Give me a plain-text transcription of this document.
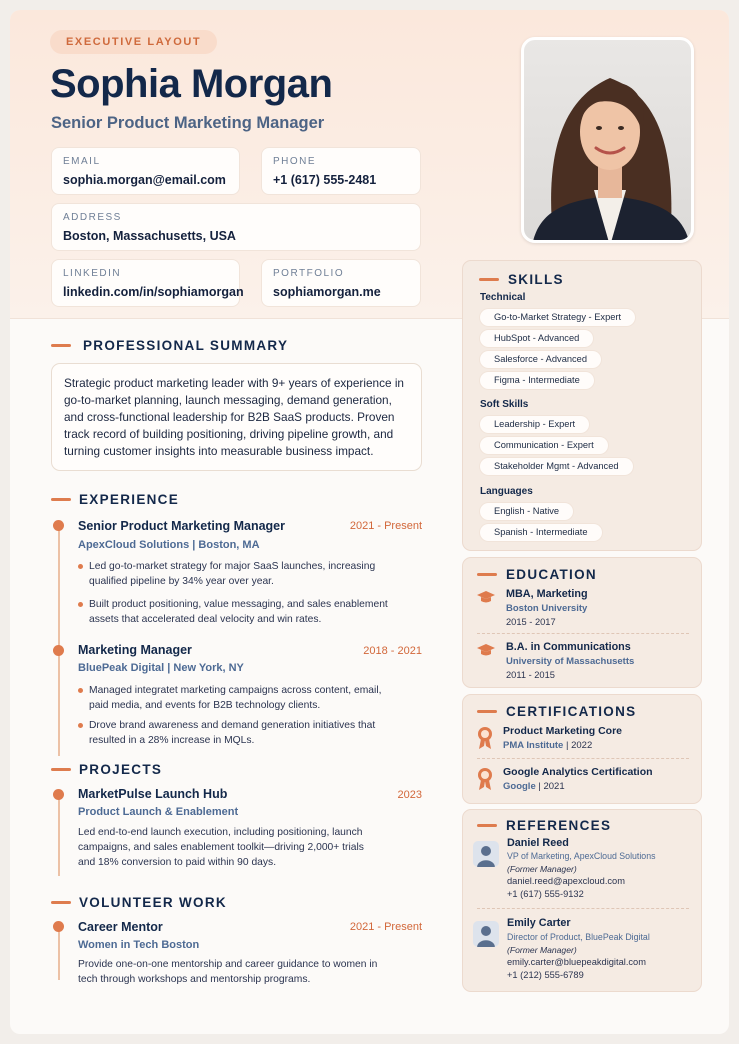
EXECUTIVE LAYOUT
Sophia Morgan
Senior Product Marketing Manager
EMAIL
sophia.morgan@email.com
PHONE
+1 (617) 555-2481
ADDRESS
Boston, Massachusetts, USA
LINKEDIN
linkedin.com/in/sophiamorgan
PORTFOLIO
sophiamorgan.me
PROFESSIONAL SUMMARY
Strategic product marketing leader with 9+ years of experience in go-to-market planning, launch messaging, demand generation, and cross-functional leadership for B2B SaaS products. Proven track record of building positioning, driving pipeline growth, and turning customer insights into measurable business impact.
EXPERIENCE
Senior Product Marketing Manager	2021 - Present
ApexCloud Solutions | Boston, MA
Led go-to-market strategy for major SaaS launches, increasing qualified pipeline by 34% year over year.
Built product positioning, value messaging, and sales enablement assets that accelerated deal velocity and win rates.
Marketing Manager	2018 - 2021
BluePeak Digital | New York, NY
Managed integratet marketing campaigns across content, email, paid media, and events for B2B technology clients.
Drove brand awareness and demand generation initiatives that resulted in a 28% increase in MQLs.
PROJECTS
MarketPulse Launch Hub	2023
Product Launch & Enablement
Led end-to-end launch execution, including positioning, launch campaigns, and sales enablement toolkit—driving 2,000+ trials and 18% conversion to paid within 90 days.
VOLUNTEER WORK
Career Mentor	2021 - Present
Women in Tech Boston
Provide one-on-one mentorship and career guidance to women in tech through workshops and mentorship programs.
SKILLS
Technical
Go-to-Market Strategy - Expert
HubSpot - Advanced
Salesforce - Advanced
Figma - Intermediate
Soft Skills
Leadership - Expert
Communication - Expert
Stakeholder Mgmt - Advanced
Languages
English - Native
Spanish - Intermediate
EDUCATION
MBA, Marketing
Boston University
2015 - 2017
B.A. in Communications
University of Massachusetts
2011 - 2015
CERTIFICATIONS
Product Marketing Core
PMA Institute | 2022
Google Analytics Certification
Google | 2021
REFERENCES
Daniel Reed
VP of Marketing, ApexCloud Solutions
(Former Manager)
daniel.reed@apexcloud.com
+1 (617) 555-9132
Emily Carter
Director of Product, BluePeak Digital
(Former Manager)
emily.carter@bluepeakdigital.com
+1 (212) 555-6789
